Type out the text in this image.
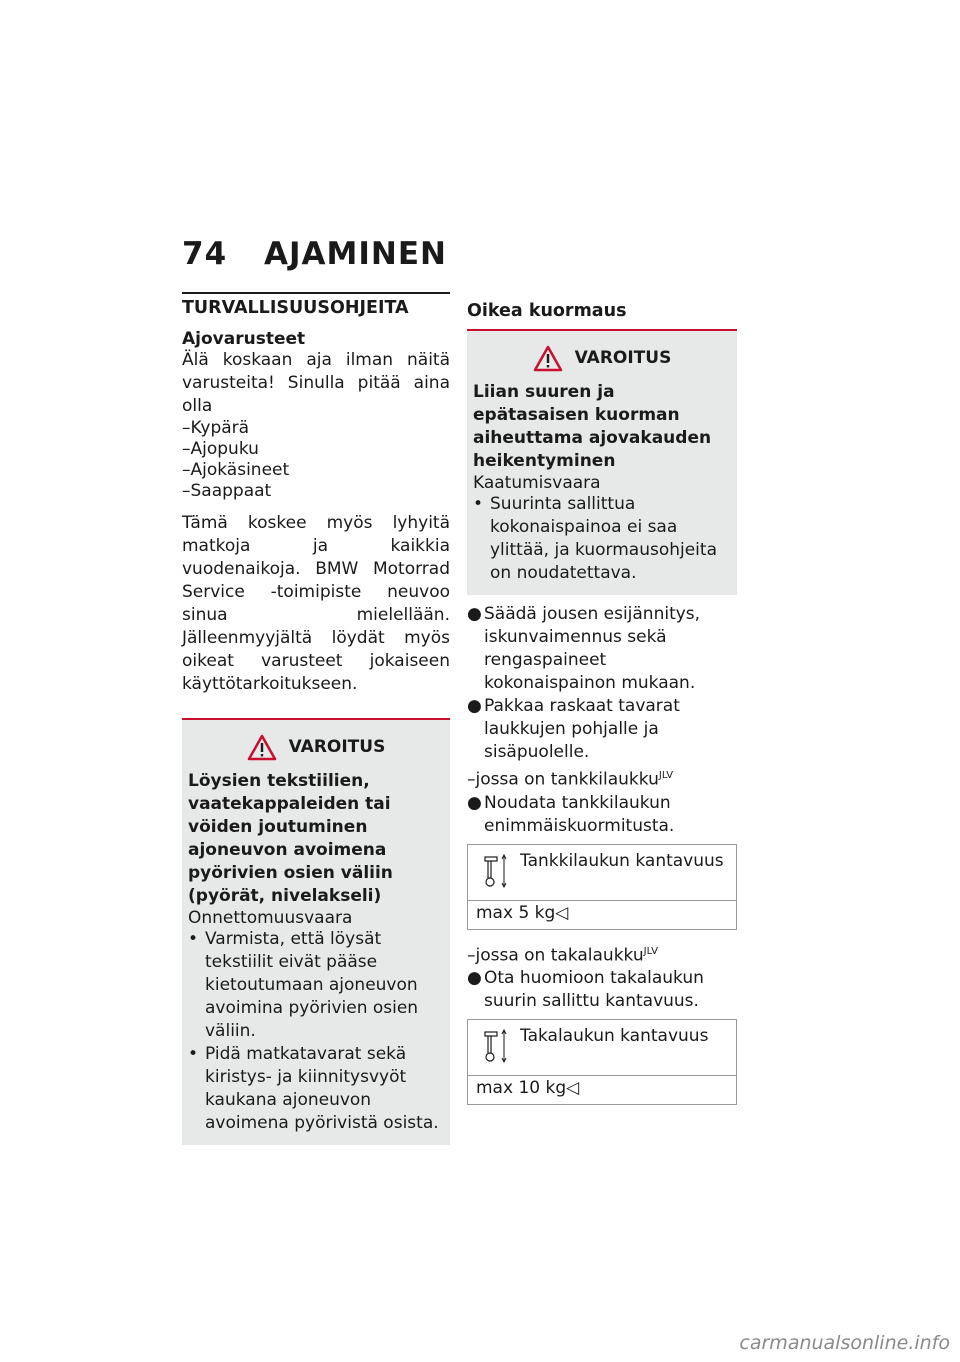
74 AJAMINEN
TURVALLISUUSOHJEITA
Ajovarusteet

Älä koskaan aja ilman näitä varusteita! Sinulla pitää aina olla

–Kypärä
–Ajopuku
–Ajokäsineet
–Saappaat

Tämä koskee myös lyhyitä matkoja ja kaikkia vuodenaikoja. BMW Motorrad Service -toimipiste neuvoo sinua mielellään. Jälleenmyyjältä löydät myös oikeat varusteet jokaiseen käyttötarkoitukseen.

VAROITUS
Löysien tekstiilien, vaatekappaleiden tai vöiden joutuminen ajoneuvon avoimena pyörivien osien väliin (pyörät, nivelakseli)
Onnettomuusvaara
• Varmista, että löysät tekstiilit eivät pääse kietoutumaan ajoneuvon avoimina pyörivien osien väliin.
• Pidä matkatavarat sekä kiristys- ja kiinnitysvyöt kaukana ajoneuvon avoimena pyörivistä osista.
Oikea kuormaus
VAROITUS
Liian suuren ja epätasaisen kuorman aiheuttama ajovakauden heikentyminen
Kaatumisvaara
• Suurinta sallittua kokonaispainoa ei saa ylittää, ja kuormausohjeita on noudatettava.
● Säädä jousen esijännitys, iskunvaimennus sekä rengaspaineet kokonaispainon mukaan.
● Pakkaa raskaat tavarat laukkujen pohjalle ja sisäpuolelle.

–jossa on tankkilaukku$^{JLV}$

● Noudata tankkilaukun enimmäiskuormitusta.
Tankkilaukun kantavuus
max 5 kg◁

–jossa on takalaukku$^{JLV}$

● Ota huomioon takalaukun suurin sallittu kantavuus.
Takalaukun kantavuus
max 10 kg◁
carmanualsonline.info
